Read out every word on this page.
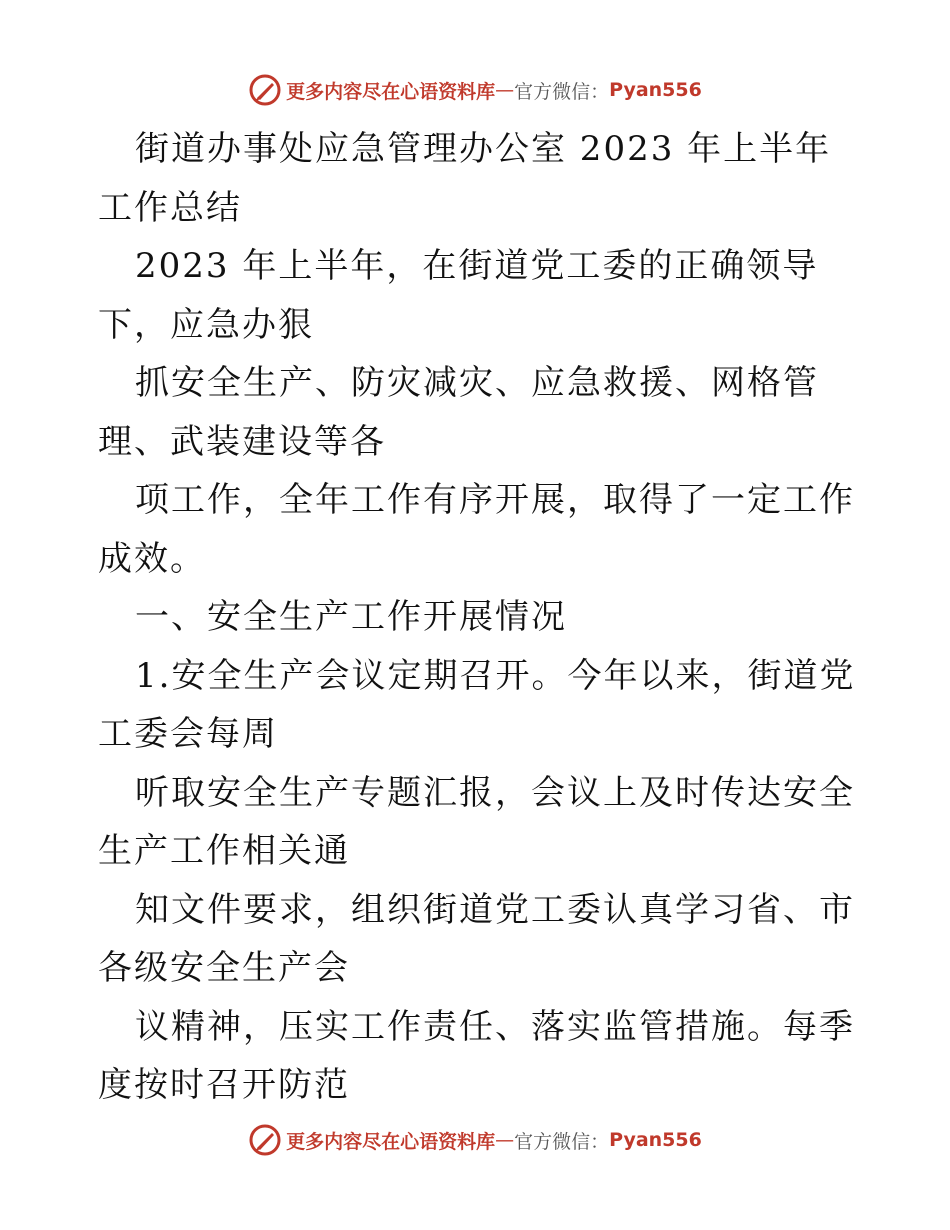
更多内容尽在心语资料库 — 官方微信： Pyan556

街道办事处应急管理办公室 2023 年上半年工作总结

2023 年上半年，在街道党工委的正确领导下，应急办狠

抓安全生产、防灾减灾、应急救援、网格管理、武装建设等各

项工作，全年工作有序开展，取得了一定工作成效。

一、安全生产工作开展情况

1.安全生产会议定期召开。今年以来，街道党工委会每周

听取安全生产专题汇报，会议上及时传达安全生产工作相关通

知文件要求，组织街道党工委认真学习省、市各级安全生产会

议精神，压实工作责任、落实监管措施。每季度按时召开防范

更多内容尽在心语资料库 — 官方微信： Pyan556
